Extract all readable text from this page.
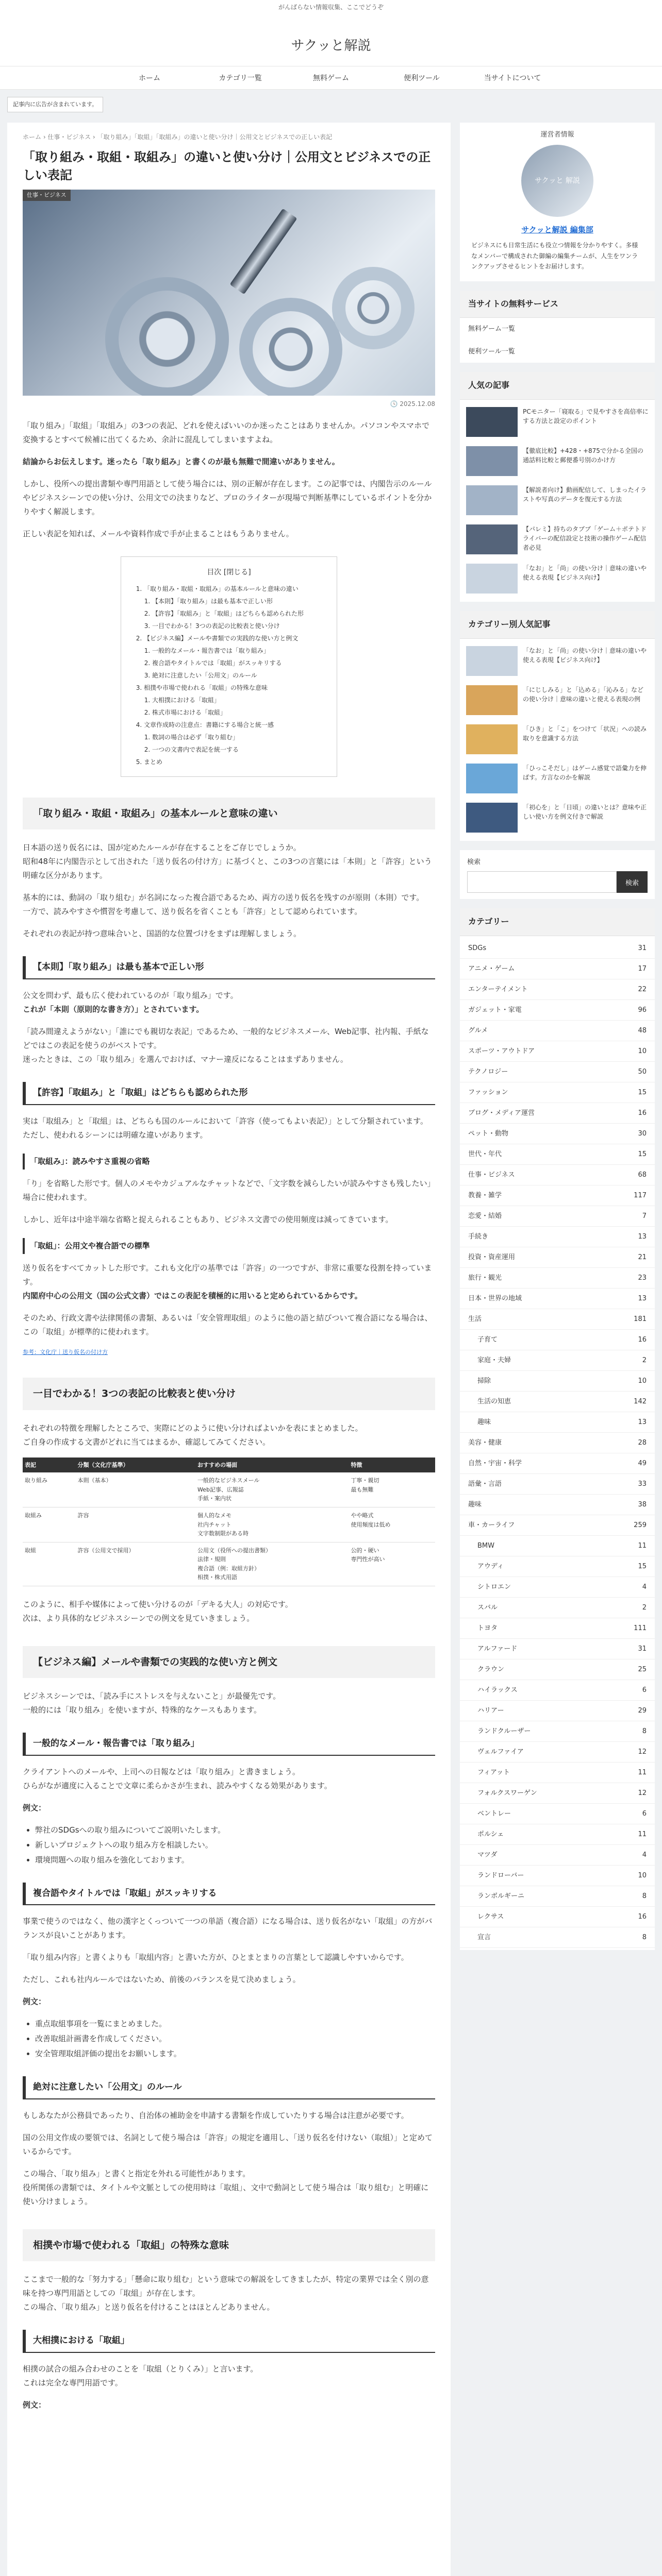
がんばらない情報収集、ここでどうぞ
サクッと解説
ホーム	カテゴリ一覧	無料ゲーム	便利ツール	当サイトについて
記事内に広告が含まれています。
ホーム › 仕事・ビジネス › 「取り組み」「取組」「取組み」の違いと使い分け｜公用文とビジネスでの正しい表記
「取り組み・取組・取組み」の違いと使い分け｜公用文とビジネスでの正しい表記
仕事・ビジネス
🕓 2025.12.08

「取り組み」「取組」「取組み」の3つの表記、どれを使えばいいのか迷ったことはありませんか。パソコンやスマホで変換するとすべて候補に出てくるため、余計に混乱してしまいますよね。

結論からお伝えします。迷ったら「取り組み」と書くのが最も無難で間違いがありません。

しかし、役所への提出書類や専門用語として使う場合には、別の正解が存在します。この記事では、内閣告示のルールやビジネスシーンでの使い分け、公用文での決まりなど、プロのライターが現場で判断基準にしているポイントを分かりやすく解説します。

正しい表記を知れば、メールや資料作成で手が止まることはもうありません。

目次 [閉じる]
1. 「取り組み・取組・取組み」の基本ルールと意味の違い
1. 【本則】「取り組み」は最も基本で正しい形
2. 【許容】「取組み」と「取組」はどちらも認められた形
3. 一目でわかる！3つの表記の比較表と使い分け
2. 【ビジネス編】メールや書類での実践的な使い方と例文
1. 一般的なメール・報告書では「取り組み」
2. 複合語やタイトルでは「取組」がスッキリする
3. 絶対に注意したい「公用文」のルール
3. 相撲や市場で使われる「取組」の特殊な意味
1. 大相撲における「取組」
2. 株式市場における「取組」
4. 文章作成時の注意点：書籍にする場合と統一感
1. 数詞の場合は必ず「取り組む」
2. 一つの文書内で表記を統一する
5. まとめ
「取り組み・取組・取組み」の基本ルールと意味の違い

日本語の送り仮名には、国が定めたルールが存在することをご存じでしょうか。
昭和48年に内閣告示として出された「送り仮名の付け方」に基づくと、この3つの言葉には「本則」と「許容」という明確な区分があります。

基本的には、動詞の「取り組む」が名詞になった複合語であるため、両方の送り仮名を残すのが原則（本則）です。
一方で、読みやすさや慣習を考慮して、送り仮名を省くことも「許容」として認められています。

それぞれの表記が持つ意味合いと、国語的な位置づけをまずは理解しましょう。

【本則】「取り組み」は最も基本で正しい形

公文を問わず、最も広く使われているのが「取り組み」です。
これが「本則（原則的な書き方）」とされています。

「読み間違えようがない」「誰にでも親切な表記」であるため、一般的なビジネスメール、Web記事、社内報、手紙などではこの表記を使うのがベストです。
迷ったときは、この「取り組み」を選んでおけば、マナー違反になることはまずありません。

【許容】「取組み」と「取組」はどちらも認められた形

実は「取組み」と「取組」は、どちらも国のルールにおいて「許容（使ってもよい表記）」として分類されています。
ただし、使われるシーンには明確な違いがあります。

「取組み」：読みやすさ重視の省略

「り」を省略した形です。個人のメモやカジュアルなチャットなどで、「文字数を減らしたいが読みやすさも残したい」場合に使われます。

しかし、近年は中途半端な省略と捉えられることもあり、ビジネス文書での使用頻度は減ってきています。

「取組」：公用文や複合語での標準

送り仮名をすべてカットした形です。これも文化庁の基準では「許容」の一つですが、非常に重要な役割を持っています。
内閣府中心の公用文（国の公式文書）ではこの表記を積極的に用いると定められているからです。

そのため、行政文書や法律関係の書類、あるいは「安全管理取組」のように他の語と結びついて複合語になる場合は、この「取組」が標準的に使われます。

参考：文化庁｜送り仮名の付け方
一目でわかる！3つの表記の比較表と使い分け

それぞれの特徴を理解したところで、実際にどのように使い分ければよいかを表にまとめました。
ご自身の作成する文書がどれに当てはまるか、確認してみてください。

表記	分類（文化庁基準）	おすすめの場面	特徴
取り組み	本則（基本）	一般的なビジネスメール
Web記事、広報誌
手紙・案内状	丁寧・親切
最も無難
取組み	許容	個人的なメモ
社内チャット
文字数制限がある時	やや略式
使用頻度は低め
取組	許容（公用文で採用）	公用文（役所への提出書類）
法律・規則
複合語（例：取組方針）
相撲・株式用語	公的・硬い
専門性が高い

このように、相手や媒体によって使い分けるのが「デキる大人」の対応です。
次は、より具体的なビジネスシーンでの例文を見ていきましょう。

【ビジネス編】メールや書類での実践的な使い方と例文

ビジネスシーンでは、「読み手にストレスを与えないこと」が最優先です。
一般的には「取り組み」を使いますが、特殊的なケースもあります。

一般的なメール・報告書では「取り組み」

クライアントへのメールや、上司への日報などは「取り組み」と書きましょう。
ひらがなが適度に入ることで文章に柔らかさが生まれ、読みやすくなる効果があります。

例文：

• 弊社のSDGsへの取り組みについてご説明いたします。
• 新しいプロジェクトへの取り組み方を相談したい。
• 環境問題への取り組みを強化しております。
複合語やタイトルでは「取組」がスッキリする

事業で使うのではなく、他の漢字とくっついて一つの単語（複合語）になる場合は、送り仮名がない「取組」の方がバランスが良いことがあります。

「取り組み内容」と書くよりも「取組内容」と書いた方が、ひとまとまりの言葉として認識しやすいからです。

ただし、これも社内ルールではないため、前後のバランスを見て決めましょう。

例文：

• 重点取組事項を一覧にまとめました。
• 改善取組計画書を作成してください。
• 安全管理取組評価の提出をお願いします。
絶対に注意したい「公用文」のルール

もしあなたが公務員であったり、自治体の補助金を申請する書類を作成していたりする場合は注意が必要です。

国の公用文作成の要領では、名詞として使う場合は「許容」の規定を適用し、「送り仮名を付けない（取組）」と定めているからです。

この場合、「取り組み」と書くと指定を外れる可能性があります。
役所関係の書類では、タイトルや文脈としての使用時は「取組」、文中で動詞として使う場合は「取り組む」と明確に使い分けましょう。

相撲や市場で使われる「取組」の特殊な意味

ここまで一般的な「努力する」「懸命に取り組む」という意味での解説をしてきましたが、特定の業界では全く別の意味を持つ専門用語としての「取組」が存在します。
この場合、「取り組み」と送り仮名を付けることはほとんどありません。

大相撲における「取組」

相撲の試合の組み合わせのことを「取組（とりくみ）」と言います。
これは完全な専門用語です。

例文：

運営者情報
サクッと 解説
サクッと解説 編集部
ビジネスにも日常生活にも役立つ情報を分かりやすく。多様なメンバーで構成された御編の編集チームが、人生をワンランクアップさせるヒントをお届けします。
当サイトの無料サービス
無料ゲーム一覧
便利ツール一覧
人気の記事
PCモニター「寝取る」で見やすさを高倍率にする方法と設定のポイント
【徹底比較】+428・+875で分かる全国の通話料比較と郵便番号別のかけ方
【解説者向け】動画配信して、しまったイラストや写真のデータを復元する方法
【パレミ】持ちのタブブ「ゲーム＋ポテトドライバーの配信設定と技術の操作ゲーム配信者必見
「なお」と「尚」の使い分け｜意味の違いや使える表現【ビジネス向け】
カテゴリー別人気記事
「なお」と「尚」の使い分け｜意味の違いや使える表現【ビジネス向け】
「にじしみる」と「込める」「沁みる」などの使い分け｜意味の違いと使える表現の例
「ひき」と「こ」をつけて「状況」への読み取りを意識する方法
「ひっこそだし」はゲーム感覚で語彙力を伸ばす。方言なのかを解説
「初心を」と「日頃」の違いとは？意味や正しい使い方を例文付きで解説
検索
検索
カテゴリー
SDGs	31
アニメ・ゲーム	17
エンターテイメント	22
ガジェット・家電	96
グルメ	48
スポーツ・アウトドア	10
テクノロジー	50
ファッション	15
ブログ・メディア運営	16
ペット・動物	30
世代・年代	15
仕事・ビジネス	68
教養・雑学	117
恋愛・結婚	7
手続き	13
投資・資産運用	21
旅行・観光	23
日本・世界の地域	13
生活	181
子育て	16
家庭・夫婦	2
掃除	10
生活の知恵	142
趣味	13
美容・健康	28
自然・宇宙・科学	49
語彙・言語	33
趣味	38
車・カーライフ	259
BMW	11
アウディ	15
シトロエン	4
スバル	2
トヨタ	111
アルファード	31
クラウン	25
ハイラックス	6
ハリアー	29
ランドクルーザー	8
ヴェルファイア	12
フィアット	11
フォルクスワーゲン	12
ベントレー	6
ポルシェ	11
マツダ	4
ランドローバー	10
ランボルギーニ	8
レクサス	16
宣言	8
